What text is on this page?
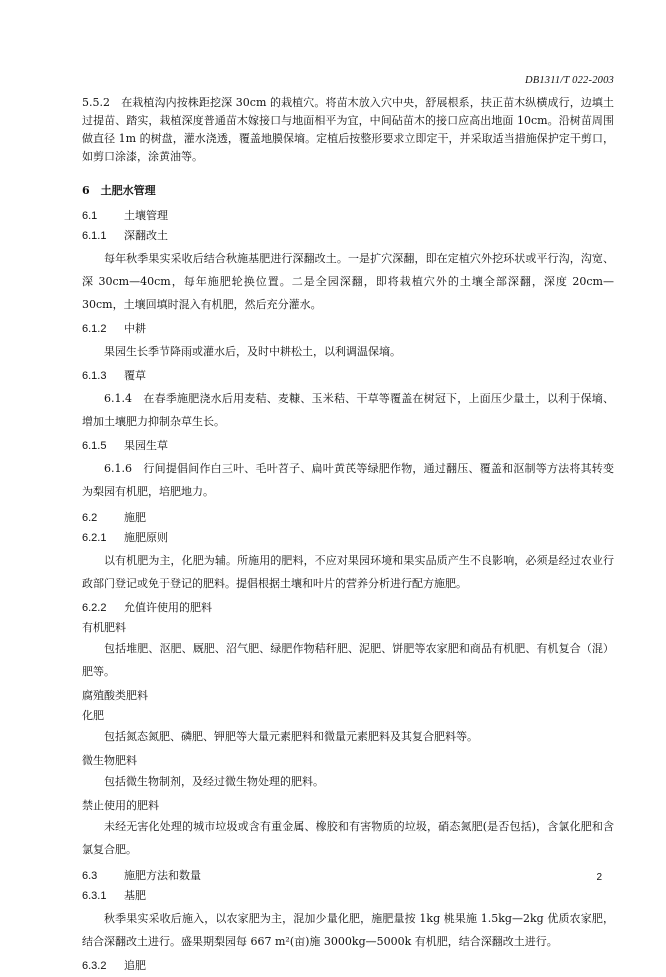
DB1311/T 022-2003
5.5.2　在栽植沟内按株距挖深 30cm 的栽植穴。将苗木放入穴中央，舒展根系，扶正苗木纵横成行，边填土过提苗、踏实，栽植深度普通苗木嫁接口与地面相平为宜，中间砧苗木的接口应高出地面 10cm。沿树苗周围做直径 1m 的树盘，灌水浇透，覆盖地膜保墒。定植后按整形要求立即定干，并采取适当措施保护定干剪口，如剪口涂漆，涂黄油等。
6　土肥水管理
6.1 土壤管理
6.1.1 深翻改土
每年秋季果实采收后结合秋施基肥进行深翻改土。一是扩穴深翻，即在定植穴外挖环状或平行沟，沟宽、深 30cm—40cm，每年施肥轮换位置。二是全园深翻，即将栽植穴外的土壤全部深翻，深度 20cm—30cm，土壤回填时混入有机肥，然后充分灌水。
6.1.2 中耕
果园生长季节降雨或灌水后，及时中耕松土，以利调温保墒。
6.1.3 覆草
6.1.4　在春季施肥浇水后用麦秸、麦糠、玉米秸、干草等覆盖在树冠下，上面压少量土，以利于保墒、增加土壤肥力抑制杂草生长。
6.1.5 果园生草
6.1.6　行间提倡间作白三叶、毛叶苕子、扁叶黄芪等绿肥作物，通过翻压、覆盖和沤制等方法将其转变为梨园有机肥，培肥地力。
6.2 施肥
6.2.1 施肥原则
以有机肥为主，化肥为辅。所施用的肥料，不应对果园环境和果实品质产生不良影响，必须是经过农业行政部门登记或免于登记的肥料。提倡根据土壤和叶片的营养分析进行配方施肥。
6.2.2 允值许使用的肥料
有机肥料
包括堆肥、沤肥、厩肥、沼气肥、绿肥作物秸秆肥、泥肥、饼肥等农家肥和商品有机肥、有机复合（混）肥等。
腐殖酸类肥料
化肥
包括氮态氮肥、磷肥、钾肥等大量元素肥料和微量元素肥料及其复合肥料等。
微生物肥料
包括微生物制剂，及经过微生物处理的肥料。
禁止使用的肥料
未经无害化处理的城市垃圾或含有重金属、橡胶和有害物质的垃圾，硝态氮肥(是否包括)，含氯化肥和含氯复合肥。
6.3 施肥方法和数量
6.3.1 基肥
秋季果实采收后施入，以农家肥为主，混加少量化肥，施肥量按 1kg 桃果施 1.5kg—2kg 优质农家肥，结合深翻改土进行。盛果期梨园每 667 m²(亩)施 3000kg—5000k 有机肥，结合深翻改土进行。
6.3.2 追肥
2
